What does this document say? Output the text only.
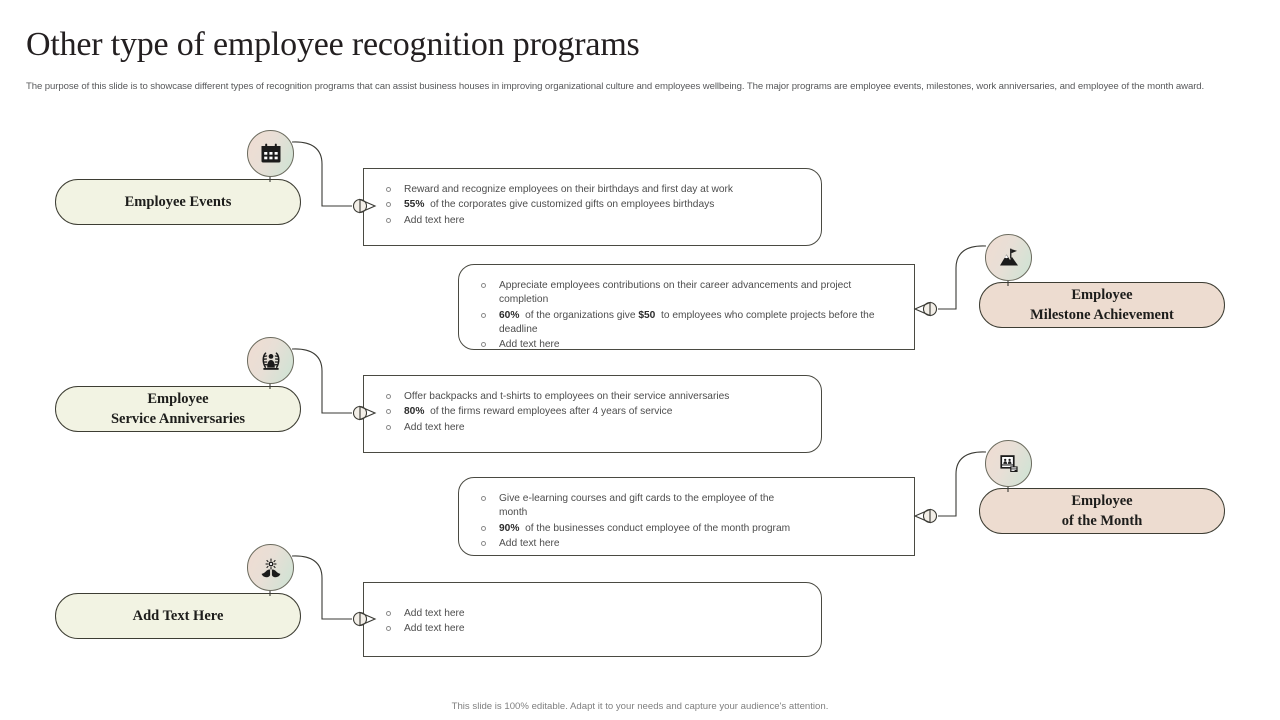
Other type of employee recognition programs
The purpose of this slide is to showcase different types of recognition programs that can assist business houses in improving organizational culture and employees wellbeing. The major programs are employee events, milestones, work anniversaries, and employee of the month award.
Employee Events
Reward and recognize employees on their birthdays and first day at work
55% of the corporates give customized gifts on employees birthdays
Add text here
Employee
Milestone Achievement
Appreciate employees contributions on their career advancements and project completion
60% of the organizations give $50 to employees who complete projects before the deadline
Add text here
Employee
Service Anniversaries
Offer backpacks and t-shirts to employees on their service anniversaries
80% of the firms reward employees after 4 years of service
Add text here
Employee
of the Month
Give e-learning courses and gift cards to the employee of the month
90% of the businesses conduct employee of the month program
Add text here
Add Text Here	Add text here
Add text here
This slide is 100% editable. Adapt it to your needs and capture your audience's attention.
